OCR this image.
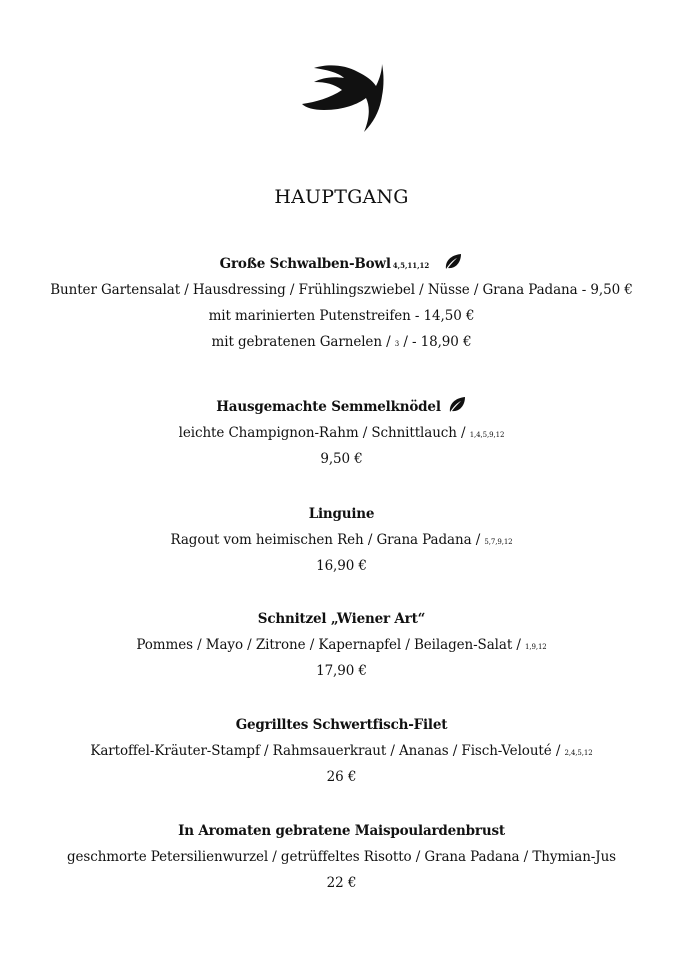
HAUPTGANG
Große Schwalben-Bowl 4,5,11,12
Bunter Gartensalat / Hausdressing / Frühlingszwiebel / Nüsse / Grana Padana - 9,50 €
mit marinierten Putenstreifen - 14,50 €
mit gebratenen Garnelen / 3 / - 18,90 €
Hausgemachte Semmelknödel
leichte Champignon-Rahm / Schnittlauch / 1,4,5,9,12
9,50 €
Linguine
Ragout vom heimischen Reh / Grana Padana / 5,7,9,12
16,90 €
Schnitzel „Wiener Art“
Pommes / Mayo / Zitrone / Kapernapfel / Beilagen-Salat / 1,9,12
17,90 €
Gegrilltes Schwertfisch-Filet
Kartoffel-Kräuter-Stampf / Rahmsauerkraut / Ananas / Fisch-Velouté / 2,4,5,12
26 €
In Aromaten gebratene Maispoulardenbrust
geschmorte Petersilienwurzel / getrüffeltes Risotto / Grana Padana / Thymian-Jus
22 €
